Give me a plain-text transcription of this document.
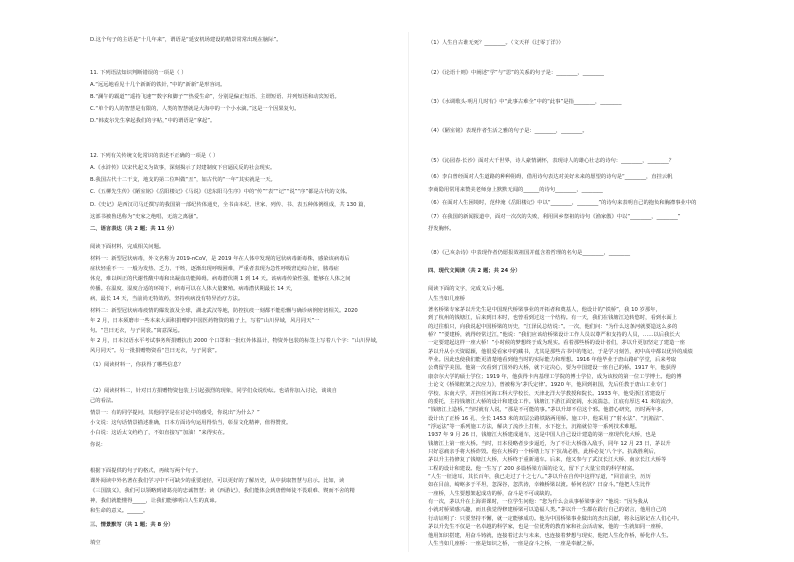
D.这个句子的主语是“十几年来”，谓语是“延安机场建设的精景常常出现在脑际”。
11. 下列语法知识判断错误的一项是（ ）
A.“远远地看见十几个新新的铁针，”中的“新新”是形容词。
B.“澜午的霸道”“遥持飞速”“数字和脚子”“热爱生命”，分别是偏正短语、主谓短语、并列短语和动宾短语。
C.“单个的人的智慧是有限的，人类的智慧就是大海中的一个小水滴。”这是一个因果复句。
D.“韩麦尔先生拿起我们的字帖，”中的谓语是“拿起”。
12. 下列有关传统文化常识的表述不正确的一项是（ ）
A.《水浒传》以宋代起义为故事，深刻揭示了封建制度下官逼民反的社会现实。
B.我国古代十二干支，地支的第二位叫做“丑”，如古代的“一年”其实就是一天。
C.《五柳先生传》《陋室铭》《岳阳楼记》《马说》《送东阳马生序》中的“传”“表”“记”“说”“序”都是古代的文体。
D.《史记》是西汉司马迁撰写的我国第一部纪传体通史，全书由本纪、世家、列传、书、表五种体例组成，共 130 篇，
这部书被鲁迅称为“史家之绝唱，无韵之离骚”。
二、语言表达（共 2 题；共 11 分）
阅读下面材料，完成相关问题。
材料一：新型冠状病毒，外文名称为 2019-nCoV，是 2019 年在人体中发现的冠状病毒新毒株，感染该病毒后
症状轻重不一：一般为发热、乏力、干咳，逐渐出现呼吸困难，严重者表现为急性呼吸窘迫综合征，脓毒症
休克，难以纠正的代谢性酸中毒和出凝血功能障碍。病毒潜伏期 1 到 14 天。该病毒传染性强，能够在人体之间
传播。在温度、湿度合适的环境下，病毒可以在人体大量繁殖。病毒潜伏期最长 14 天，
病，最长 14 天，当前尚无特效药，坚持疾病没有特异治疗方法。
材料二：新型冠状病毒疫情的爆发波及全球，湖北武汉等地，防控抗疫一刻都不能松懈与确诊病例密切相关。2020
年 2 月，日本须磨市一些本来大面积捐赠的中国医药物资的箱子上，写着“山川异域，风月同天”一
句。“岂曰无衣，与子同裳。”寓意深远。
年 2 月，日本汉语水平考试事务所捐赠抗击 2000 个口罩和一批红外体温计，物资外包装的标签上写着八个字：“山川异域，
风月同天”。另一批捐赠物资看“岂曰无衣，与子同裳”。
（1）阅读材料一，你获得了哪些信息？
（2）阅读材料二，针对日方捐赠物资包装上引起强烈的现象，同学们众说纷纭。也请你加入讨论，谈谈自
己的看法。
情景一：有的同学提问，其他同学是在讨论中的感受，你说出“为什么？”
小文说：这句话情景描述准确，日本方面诗句运用得恰当，彰显文化精神，值得赞赏。
小白说：这话太文绉绉了，不如直接写“加油！”来得实在。
你说：
根据下面提供的句子的格式，再续写两个句子。
课外阅读中外名著在我们学习中不可缺少的重要途径，可以更好的了解历史，从中获取智慧与启示。比如，读
《三国演义》，我们可以领略到诸葛亮的忠诚智慧；读《西游记》，我们能体会到唐僧师徒不畏艰难、锲而不舍的精
神，我们就能懂得_____，让我们能够明白人生的真谛。
和生命的意义。______。
三、情景默写（共 1 题；共 8 分）
填空
（1）人生自古谁无死？________。（文天祥《过零丁洋》）
（2）《论语十则》中阐述“学”与“思”的关系的句子是：________，________
（3）《水调歌头·明月几时有》中“此事古难全”中的“此事”是指________，________
（4）《陋室铭》表现作者生活之雅的句子是：________，________。
（5）《沁园春·长沙》面对大千世界，诗人豪情满怀，表现诗人的雄心壮志的诗句：________，________？
（6）李白曾经面对人生道路的种种阻碍，借用诗句表达对美好未来的愿望的诗句是“________，直挂云帆
李商隐用常用来赞美老师身上默默无闻的______的诗句________，________
（6）在面对人生困境时，范仲淹《岳阳楼记》中以“________，________”的诗句来表明自己的抱负和胸襟事业中的
（7）在我国的新闻报道中，面对一次次的失败，利用回乡祭祖的诗句《渔家傲》中以“________，________”
抒发胸怀。
（8）《己亥杂诗》中表现作者仍愿报效祖国并蕴含着哲理的名句是________，________
四、现代文阅读（共 2 题；共 24 分）
阅读下面的文字，完成文后小题。
人生当如几座桥
著名桥梁专家茅以升先生是中国现代桥梁事业的开拓者和奠基人，他设计的“铁桥”，我 10 岁那年，
到了杭州的钱塘江，后来到日本时，也曾看到过这一个结构。有一天，我们在钱塘江边转悠时，看到水面上
的过往船只，向我说起中国桥梁的历史，“江泽民总结说：”。一次，他们问：“为什么这条河就要造这么多的
桥？”“要建桥，就得经常过江，”他说：“我们应该给桥梁设计工作人员以尊严和支持的人员，……以后我长大
一定要建起这样一座大桥！”小时候的梦想终于成为现实。看着那些桥的设计者们，茅以升更加坚定了建造一座
茅以升从小天资聪颖，他很爱看家中的藏书，尤其是那些古书中的笔记，于是学习刻苦，初中高中都以优异的成绩
毕业。因此也使我们能更清楚地看到他当时的实际能力和理想。1916 年他毕业于唐山路矿学堂，后来考取
公费留学美国。他第一次看到了国外的大桥，就下定决心，要为中国建设一座自己的桥。1917 年，他获得
康奈尔大学的硕士学位；1919 年，他获得卡内基理工学院的博士学位，成为该校的第一位工学博士。他的博
士论文《桥梁框架之次应力》，曾被称为‘茅氏定律’。1920 年，他回到祖国，先后任教于唐山工业专门
学校、东南大学，并担任河海工科大学校长、天津北洋大学教授和院长。1933 年，他受浙江省建设厅
的委托，主持钱塘江大桥的设计和建设工作。钱塘江下游江面宽阔，水流湍急，江底有厚达 41 米的流沙，
“钱塘江上造桥，”当时就有人说，“那是不可能的事。”茅以升却不信这个邪。他潜心研究，历时两年多，
设计出了正桥 16 孔、全长 1453 米的双层公路铁路两用桥。施工中，他采用了“射水法”、“沉箱法”、
“浮运法”等一系列施工方法，解决了流沙上打桩，水下挖土，沉箱就位等一系列技术难题。
1937 年 9 月 26 日，钱塘江大桥建成通车，这是中国人自己设计建造的第一座现代化大桥，也是
钱塘江上第一座大桥。当时，日本侵略者步步逼近，为了不让大桥落入敌手，同年 12 月 23 日，茅以升
只好忍痛亲手将大桥炸毁。他在大桥的一个桥墩上写下‘抗战必胜，此桥必复’八个字。抗战胜利后，
茅以升主持修复了钱塘江大桥，大桥终于重新通车。后来，他又参与了武汉长江大桥、南京长江大桥等
工程的设计和建设。他一生写了 200 多篇桥梁方面的论文，留下了大量宝贵的科学财富。
“人生一征途耳，其长百年，我已走过了十之七八。”茅以升在自传中这样写道，“回首前尘，历历
如在目前，崎岖多于平坦，忽深谷，忽洪涛，幸赖桥梁以渡。桥何名欤？曰奋斗。”他把人生比作
一座桥，人生要想架起成功的桥，奋斗是不可或缺的。
有一次，茅以升在上海讲课时，一位学生问他：“您为什么会从事桥梁事业？”他说：“因为我从
小就对桥梁感兴趣，而且我觉得修建桥梁可以造福人类。”茅以升一生都在践行自己的诺言，他用自己的
行动证明了：只要坚持不懈，就一定能够成功。他为中国桥梁事业做出的杰出贡献，将永远铭记在人们心中。
茅以升先生不仅是一名卓越的科学家，也是一位优秀的教育家和社会活动家，他的一生就如同一座桥，
他用知识搭建，用奋斗铸就，连接着过去与未来，也连接着梦想与现实，他把人生化作桥，桥化作人生。
人生当如几座桥：一座是知识之桥，一座是奋斗之桥，一座是奉献之桥。
